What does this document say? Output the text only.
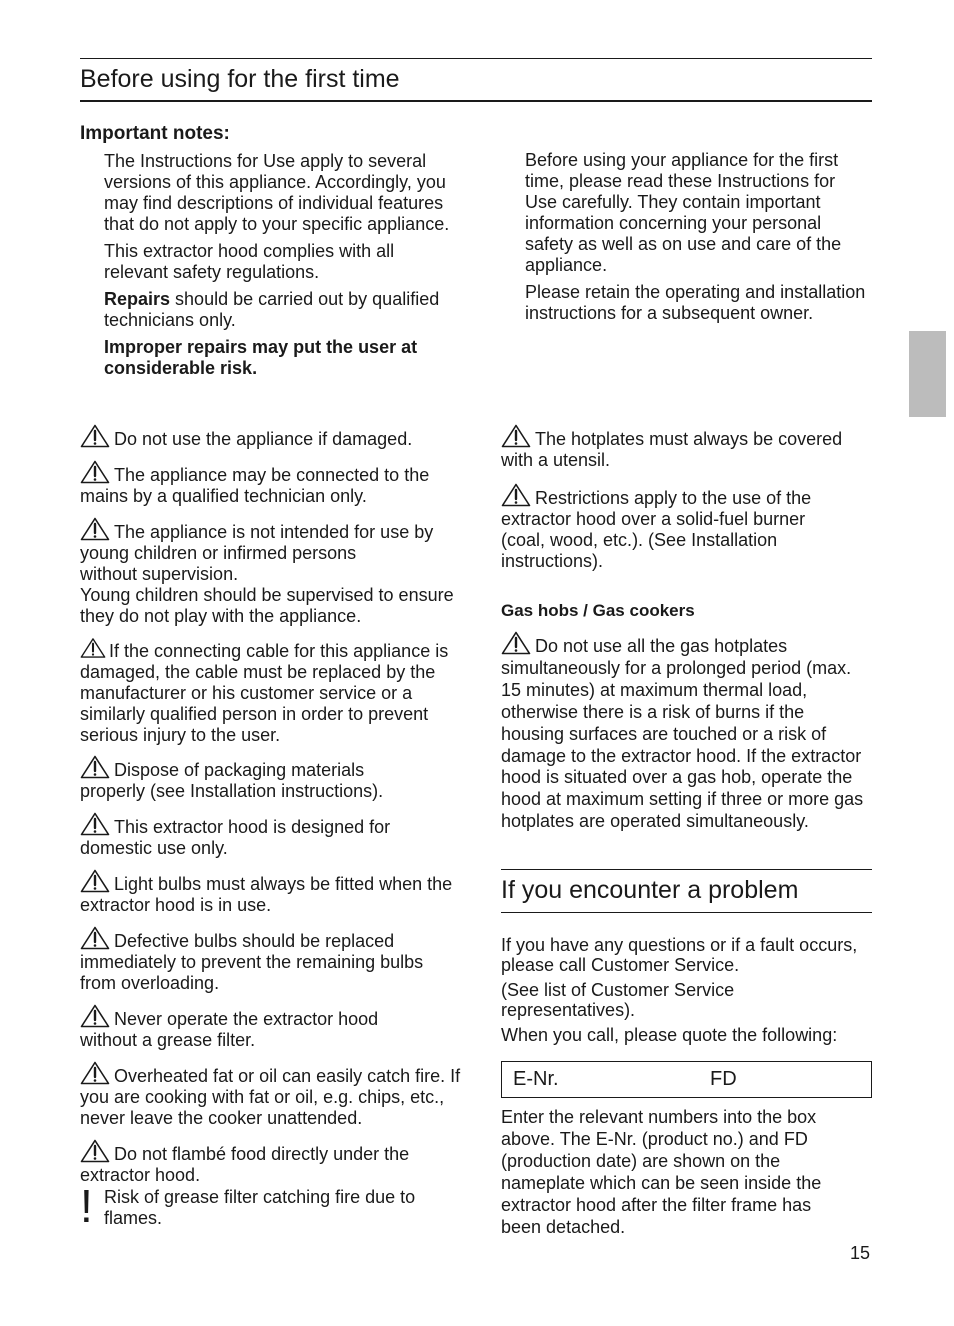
Before using for the first time
Important notes:

The Instructions for Use apply to several versions of this appliance. Accordingly, you may find descriptions of individual features that do not apply to your specific appliance.

This extractor hood complies with all relevant safety regulations.

Repairs should be carried out by qualified technicians only.

Improper repairs may put the user at considerable risk.

Before using your appliance for the first time, please read these Instructions for Use carefully. They contain important information concerning your personal safety as well as on use and care of the appliance.

Please retain the operating and installation instructions for a subsequent owner.

Do not use the appliance if damaged.
The appliance may be connected to the mains by a qualified technician only.
The appliance is not intended for use by young children or infirmed persons

without supervision.

Young children should be supervised to ensure they do not play with the appliance.

If the connecting cable for this appliance is damaged, the cable must be replaced by the manufacturer or his customer service or a similarly qualified person in order to prevent serious injury to the user.
Dispose of packaging materials properly (see Installation instructions).
This extractor hood is designed for domestic use only.
Light bulbs must always be fitted when the extractor hood is in use.
Defective bulbs should be replaced immediately to prevent the remaining bulbs from overloading.
Never operate the extractor hood without a grease filter.
Overheated fat or oil can easily catch fire. If you are cooking with fat or oil, e.g. chips, etc., never leave the cooker unattended.
Do not flambé food directly under the extractor hood.
! Risk of grease filter catching fire due to flames.
The hotplates must always be covered with a utensil.
Restrictions apply to the use of the extractor hood over a solid-fuel burner (coal, wood, etc.). (See Installation instructions).
Gas hobs / Gas cookers
Do not use all the gas hotplates simultaneously for a prolonged period (max. 15 minutes) at maximum thermal load, otherwise there is a risk of burns if the housing surfaces are touched or a risk of damage to the extractor hood. If the extractor hood is situated over a gas hob, operate the hood at maximum setting if three or more gas hotplates are operated simultaneously.
If you encounter a problem

If you have any questions or if a fault occurs, please call Customer Service.

(See list of Customer Service representatives).

When you call, please quote the following:

E-Nr.	FD
Enter the relevant numbers into the box above. The E-Nr. (product no.) and FD (production date) are shown on the nameplate which can be seen inside the extractor hood after the filter frame has been detached.
15
